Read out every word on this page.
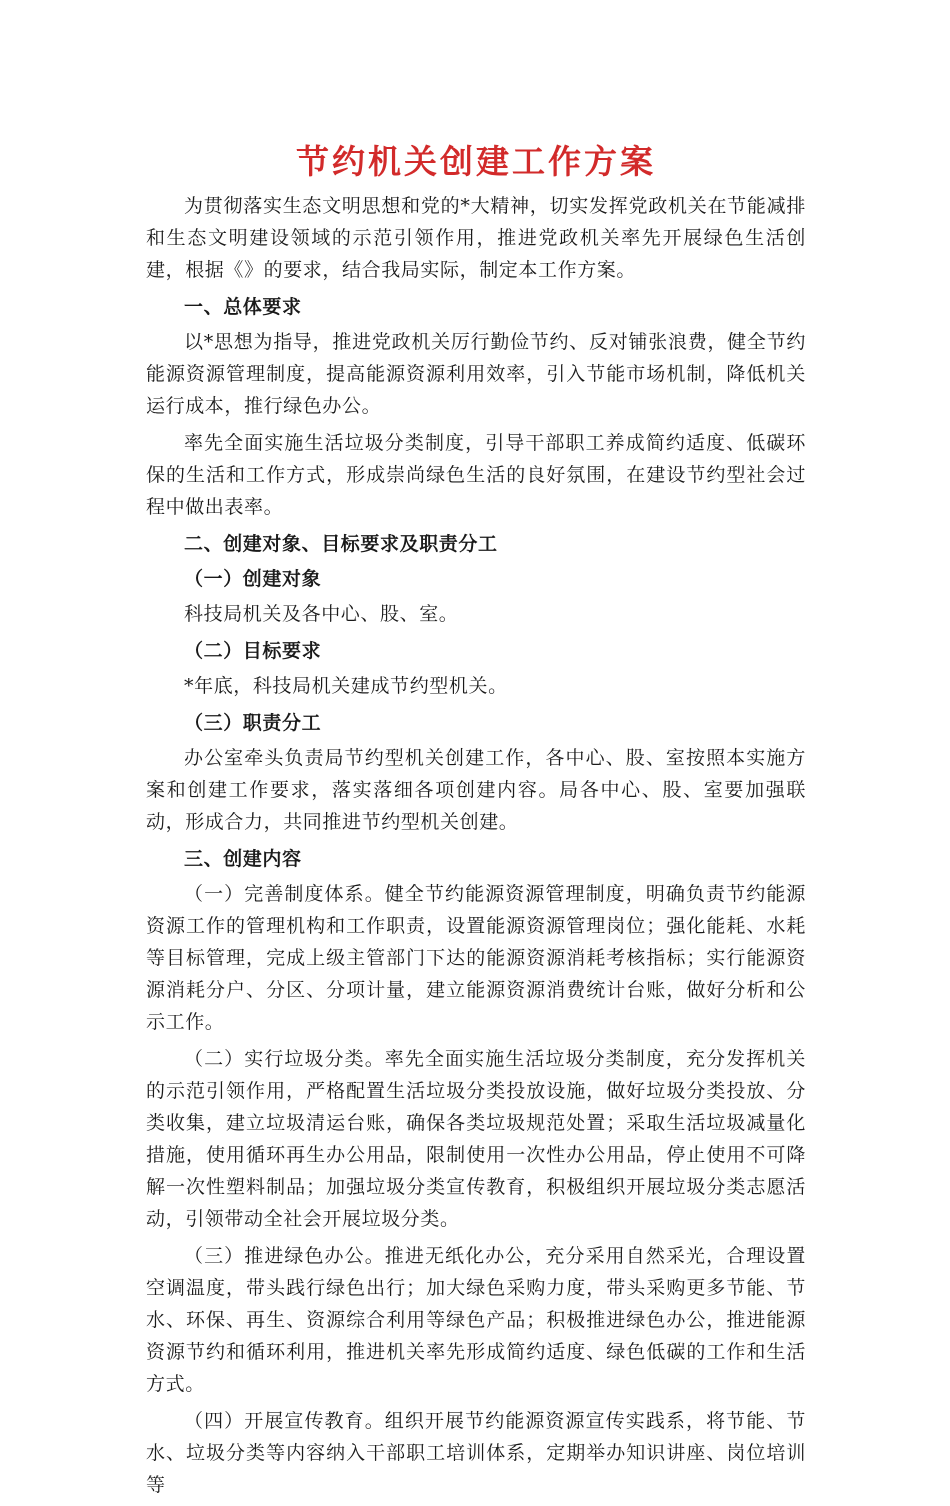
节约机关创建工作方案

为贯彻落实生态文明思想和党的*大精神，切实发挥党政机关在节能减排和生态文明建设领域的示范引领作用，推进党政机关率先开展绿色生活创建，根据《》的要求，结合我局实际，制定本工作方案。

一、总体要求

以*思想为指导，推进党政机关厉行勤俭节约、反对铺张浪费，健全节约能源资源管理制度，提高能源资源利用效率，引入节能市场机制，降低机关运行成本，推行绿色办公。

率先全面实施生活垃圾分类制度，引导干部职工养成简约适度、低碳环保的生活和工作方式，形成崇尚绿色生活的良好氛围，在建设节约型社会过程中做出表率。

二、创建对象、目标要求及职责分工

（一）创建对象

科技局机关及各中心、股、室。

（二）目标要求

*年底，科技局机关建成节约型机关。

（三）职责分工

办公室牵头负责局节约型机关创建工作，各中心、股、室按照本实施方案和创建工作要求，落实落细各项创建内容。局各中心、股、室要加强联动，形成合力，共同推进节约型机关创建。

三、创建内容

（一）完善制度体系。健全节约能源资源管理制度，明确负责节约能源资源工作的管理机构和工作职责，设置能源资源管理岗位；强化能耗、水耗等目标管理，完成上级主管部门下达的能源资源消耗考核指标；实行能源资源消耗分户、分区、分项计量，建立能源资源消费统计台账，做好分析和公示工作。

（二）实行垃圾分类。率先全面实施生活垃圾分类制度，充分发挥机关的示范引领作用，严格配置生活垃圾分类投放设施，做好垃圾分类投放、分类收集，建立垃圾清运台账，确保各类垃圾规范处置；采取生活垃圾减量化措施，使用循环再生办公用品，限制使用一次性办公用品，停止使用不可降解一次性塑料制品；加强垃圾分类宣传教育，积极组织开展垃圾分类志愿活动，引领带动全社会开展垃圾分类。

（三）推进绿色办公。推进无纸化办公，充分采用自然采光，合理设置空调温度，带头践行绿色出行；加大绿色采购力度，带头采购更多节能、节水、环保、再生、资源综合利用等绿色产品；积极推进绿色办公，推进能源资源节约和循环利用，推进机关率先形成简约适度、绿色低碳的工作和生活方式。

（四）开展宣传教育。组织开展节约能源资源宣传实践系，将节能、节水、垃圾分类等内容纳入干部职工培训体系，定期举办知识讲座、岗位培训等
